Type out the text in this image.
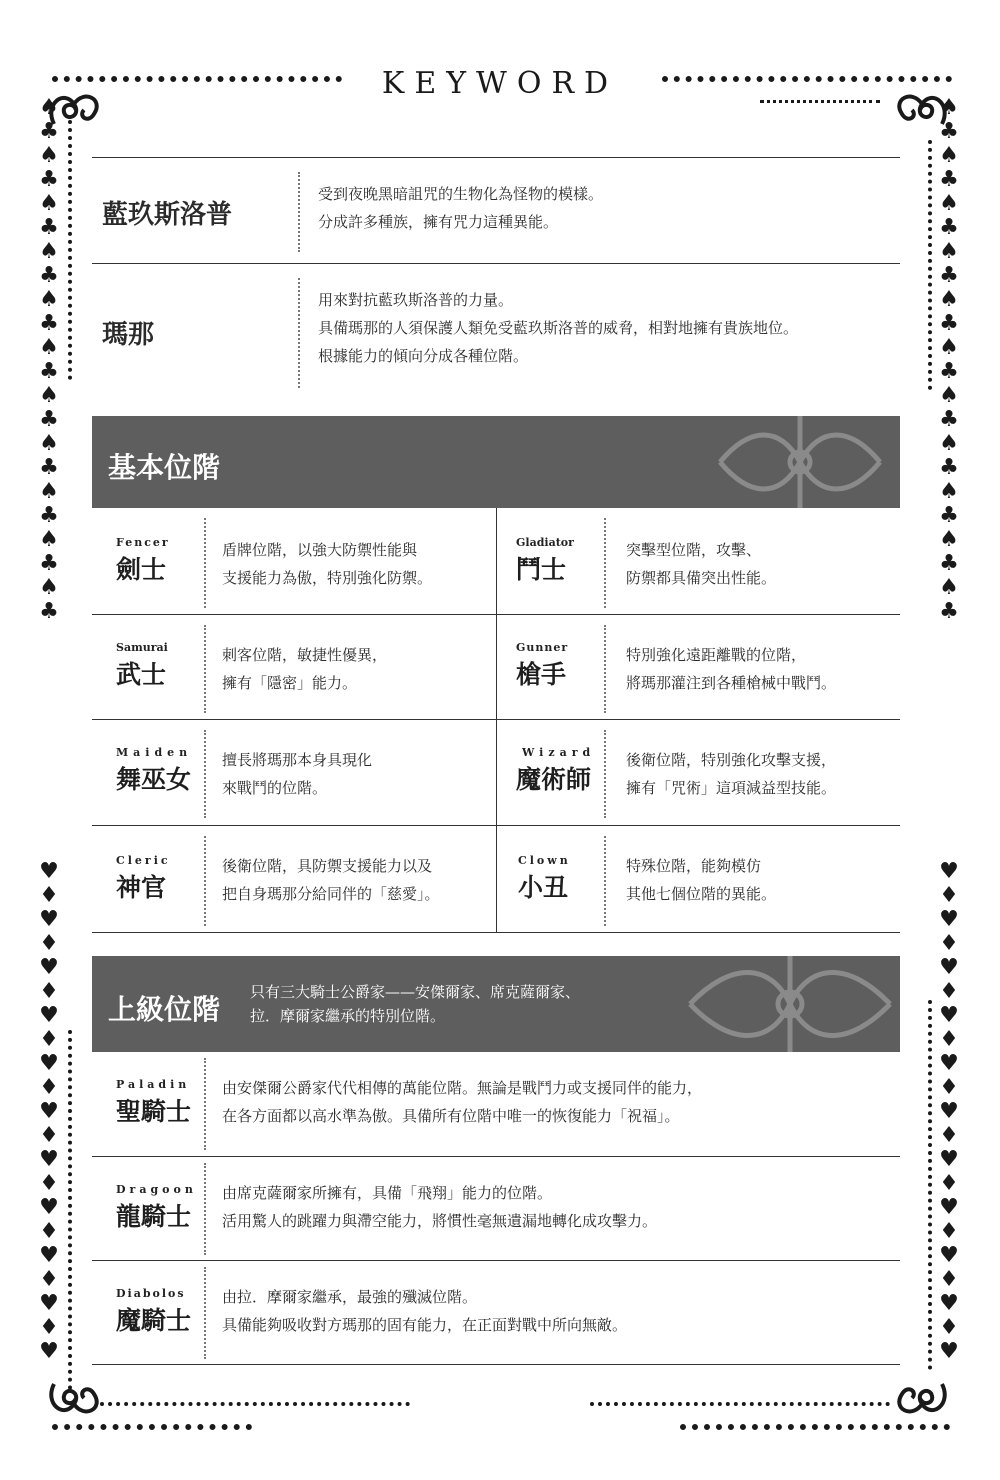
♠
♣
♠
♣
♠
♣
♠
♣
♠
♣
♠
♣
♠
♣
♠
♣
♠
♣
♠
♣
♠
♣
♥
♦
♥
♦
♥
♦
♥
♦
♥
♦
♥
♦
♥
♦
♥
♦
♥
♦
♥
♦
♥
♠
♣
♠
♣
♠
♣
♠
♣
♠
♣
♠
♣
♠
♣
♠
♣
♠
♣
♠
♣
♠
♣
♥
♦
♥
♦
♥
♦
♥
♦
♥
♦
♥
♦
♥
♦
♥
♦
♥
♦
♥
♦
♥
KEYWORD
藍玖斯洛普
受到夜晚黑暗詛咒的生物化為怪物的模樣。
分成許多種族，擁有咒力這種異能。
瑪那
用來對抗藍玖斯洛普的力量。
具備瑪那的人須保護人類免受藍玖斯洛普的威脅，相對地擁有貴族地位。
根據能力的傾向分成各種位階。
基本位階
Fencer
劍士
盾牌位階，以強大防禦性能與
支援能力為傲，特別強化防禦。
Gladiator
鬥士
突擊型位階，攻擊、
防禦都具備突出性能。
Samurai
武士
刺客位階，敏捷性優異，
擁有「隱密」能力。
Gunner
槍手
特別強化遠距離戰的位階，
將瑪那灌注到各種槍械中戰鬥。
Maiden
舞巫女
擅長將瑪那本身具現化
來戰鬥的位階。
Wizard
魔術師
後衛位階，特別強化攻擊支援，
擁有「咒術」這項減益型技能。
Cleric
神官
後衛位階，具防禦支援能力以及
把自身瑪那分給同伴的「慈愛」。
Clown
小丑
特殊位階，能夠模仿
其他七個位階的異能。
上級位階
只有三大騎士公爵家——安傑爾家、席克薩爾家、
拉．摩爾家繼承的特別位階。
Paladin
聖騎士
由安傑爾公爵家代代相傳的萬能位階。無論是戰鬥力或支援同伴的能力，
在各方面都以高水準為傲。具備所有位階中唯一的恢復能力「祝福」。
Dragoon
龍騎士
由席克薩爾家所擁有，具備「飛翔」能力的位階。
活用驚人的跳躍力與滯空能力，將慣性毫無遺漏地轉化成攻擊力。
Diabolos
魔騎士
由拉．摩爾家繼承，最強的殲滅位階。
具備能夠吸收對方瑪那的固有能力，在正面對戰中所向無敵。
